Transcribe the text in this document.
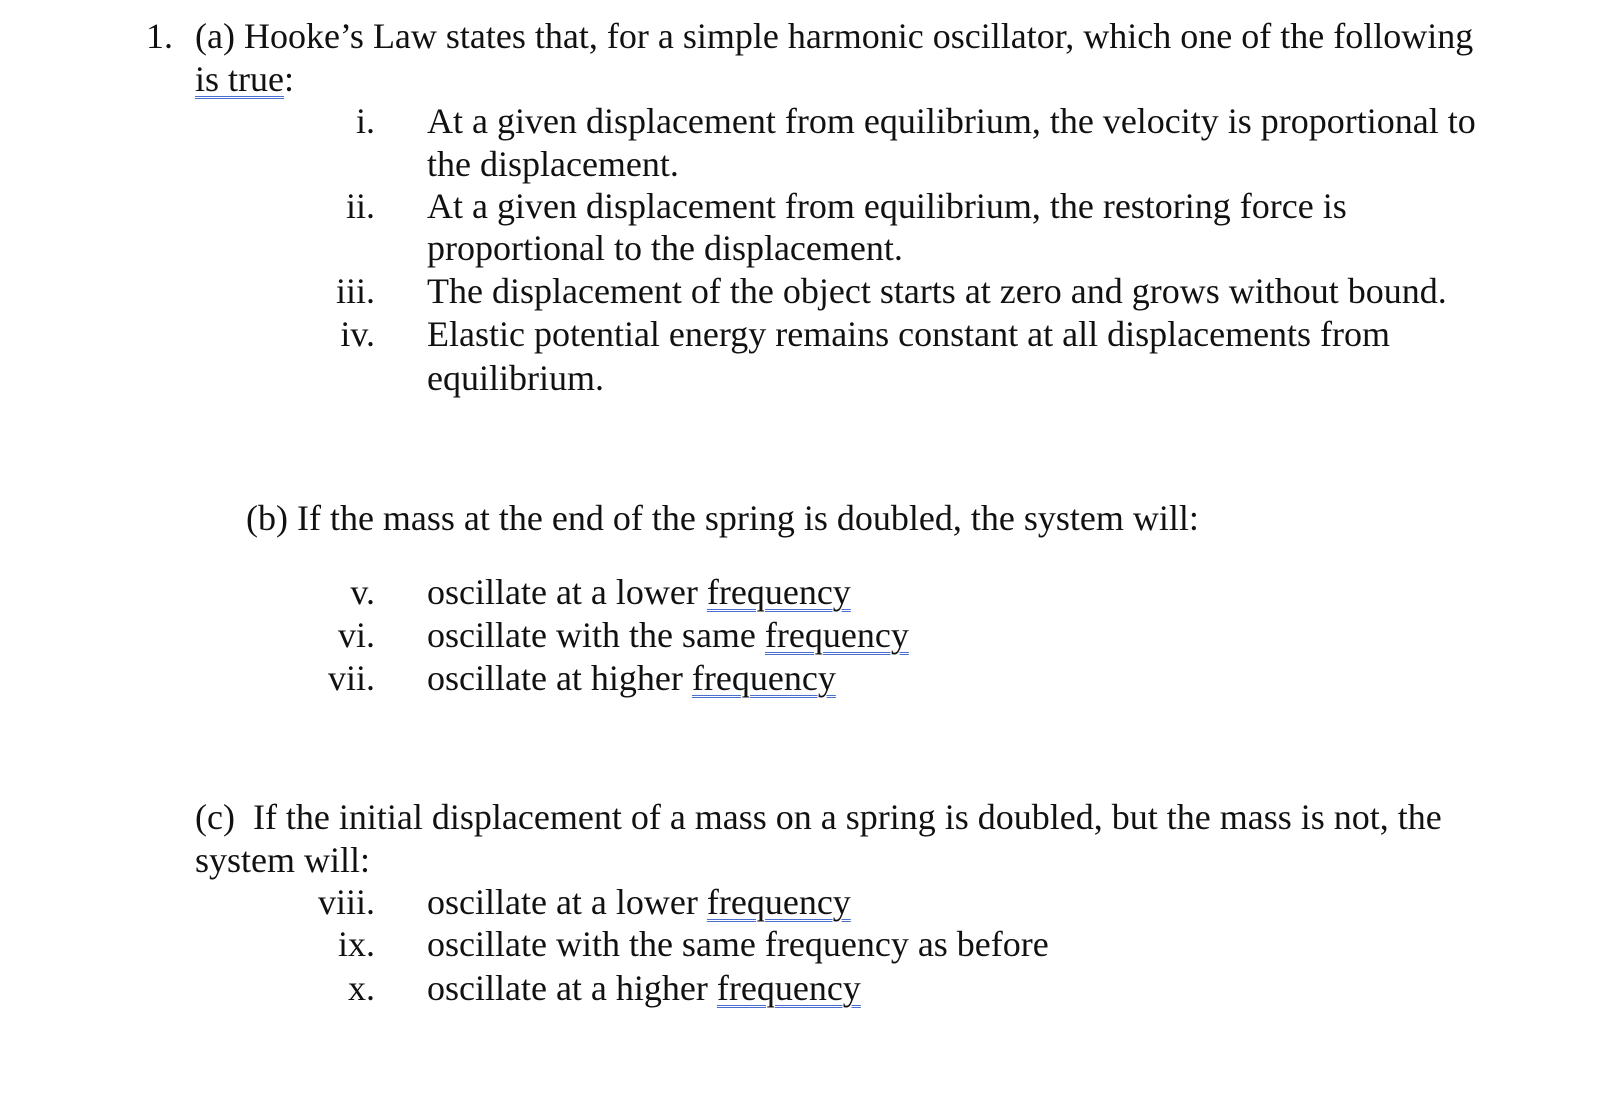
1. (a) Hooke’s Law states that, for a simple harmonic oscillator, which one of the following
is true:
i. At a given displacement from equilibrium, the velocity is proportional to
the displacement.
ii. At a given displacement from equilibrium, the restoring force is
proportional to the displacement.
iii. The displacement of the object starts at zero and grows without bound.
iv. Elastic potential energy remains constant at all displacements from
equilibrium.
(b) If the mass at the end of the spring is doubled, the system will:
v. oscillate at a lower frequency
vi. oscillate with the same frequency
vii. oscillate at higher frequency
(c)  If the initial displacement of a mass on a spring is doubled, but the mass is not, the
system will:
viii. oscillate at a lower frequency
ix. oscillate with the same frequency as before
x. oscillate at a higher frequency
